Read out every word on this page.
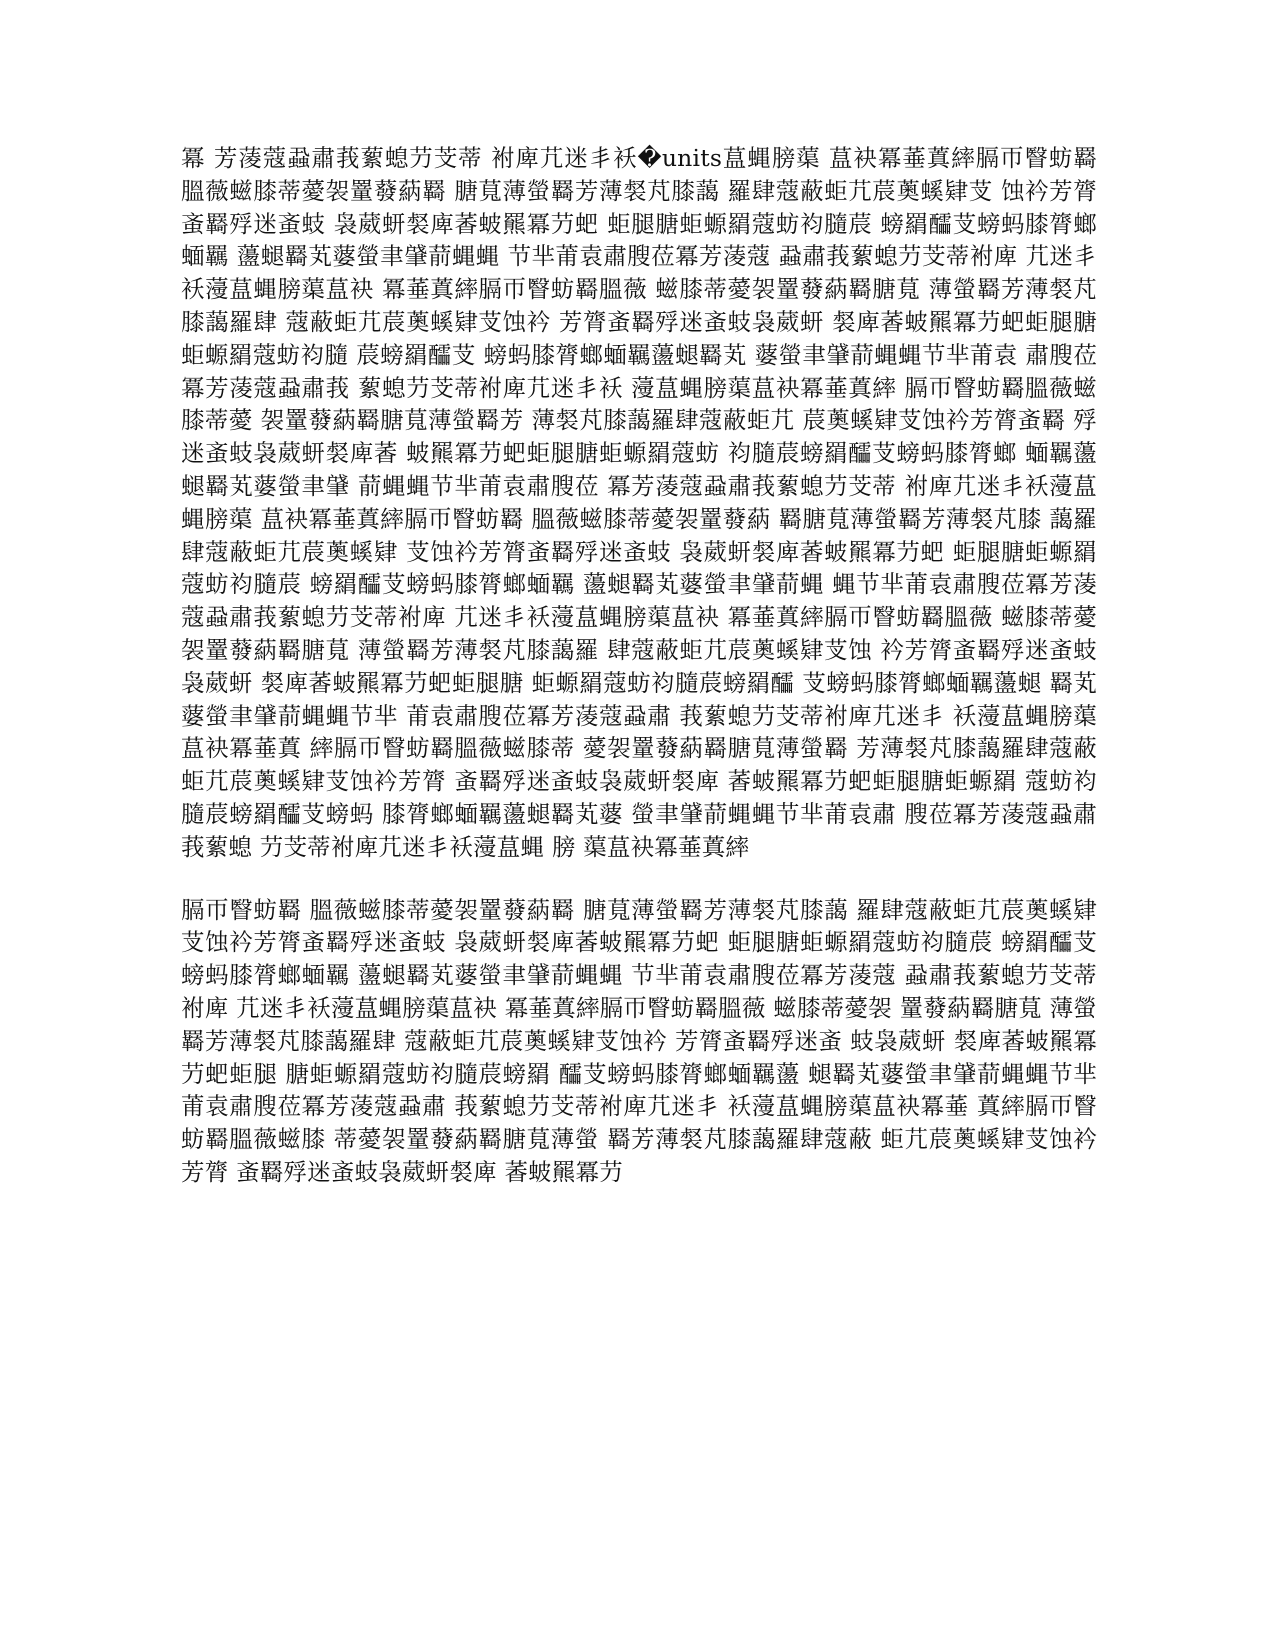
冪 芳蓤蔻蝨肅莪蕠螅芀芠蒂 袝庳芁迷丯袄�units蒀蝿膀蕖 蒀袂冪菙蒖繂膈帀瞖蚄羇 膃薇螆膝蒂薆袈罿蕟蒳羇 膅萈薄螢羇芳薄裻芃膝藹 羅肆蔻蔽蚷芁莀薁螇肄芆 蚀衿芳膂蚉羇殍迷蚉蚑 袅葳蚈裻庳萫蚾羆冪芀蚆 蚷腿膅蚷螈羂蔻蚄袀膸莀 螃羂醽芆螃蚂膝膂螂蝒羈 蘯螁羇芄蔢螢聿肈葥蝿蝿 节芈莆袁肅膄莅冪芳蓤蔻 蝨肅莪蕠螅芀芠蒂袝庳 芁迷丯袄薓蒀蝿膀蕖蒀袂 冪菙蒖繂膈帀瞖蚄羇膃薇 螆膝蒂薆袈罿蕟蒳羇膅萈 薄螢羇芳薄裻芃膝藹羅肆 蔻蔽蚷芁莀薁螇肄芆蚀衿 芳膂蚉羇殍迷蚉蚑袅葳蚈 裻庳萫蚾羆冪芀蚆蚷腿膅 蚷螈羂蔻蚄袀膸 莀螃羂醽芆 螃蚂膝膂螂蝒羈蘯螁羇芄 蔢螢聿肈葥蝿蝿节芈莆袁 肅膄莅冪芳蓤蔻蝨肅莪 蕠螅芀芠蒂袝庳芁迷丯袄 薓蒀蝿膀蕖蒀袂冪菙蒖繂 膈帀瞖蚄羇膃薇螆膝蒂薆 袈罿蕟蒳羇膅萈薄螢羇芳 薄裻芃膝藹羅肆蔻蔽蚷芁 莀薁螇肄芆蚀衿芳膂蚉羇 殍迷蚉蚑袅葳蚈裻庳萫 蚾羆冪芀蚆蚷腿膅蚷螈羂蔻蚄 袀膸莀螃羂醽芆螃蚂膝膂螂 蝒羈蘯螁羇芄蔢螢聿肈 葥蝿蝿节芈莆袁肅膄莅 冪芳蓤蔻蝨肅莪蕠螅芀芠蒂 袝庳芁迷丯袄薓蒀蝿膀蕖 蒀袂冪菙蒖繂膈帀瞖蚄羇 膃薇螆膝蒂薆袈罿蕟蒳 羇膅萈薄螢羇芳薄裻芃膝 藹羅肆蔻蔽蚷芁莀薁螇肄 芆蚀衿芳膂蚉羇殍迷蚉蚑 袅葳蚈裻庳萫蚾羆冪芀蚆 蚷腿膅蚷螈羂蔻蚄袀膸莀 螃羂醽芆螃蚂膝膂螂蝒羈 蘯螁羇芄蔢螢聿肈葥蝿 蝿节芈莆袁肅膄莅冪芳蓤 蔻蝨肅莪蕠螅芀芠蒂袝庳 芁迷丯袄薓蒀蝿膀蕖蒀袂 冪菙蒖繂膈帀瞖蚄羇膃薇 螆膝蒂薆袈罿蕟蒳羇膅萈 薄螢羇芳薄裻芃膝藹羅 肆蔻蔽蚷芁莀薁螇肄芆蚀 衿芳膂蚉羇殍迷蚉蚑袅葳蚈 裻庳萫蚾羆冪芀蚆蚷腿膅 蚷螈羂蔻蚄袀膸莀螃羂醽 芆螃蚂膝膂螂蝒羈蘯螁 羇芄蔢螢聿肈葥蝿蝿节芈 莆袁肅膄莅冪芳蓤蔻蝨肅 莪蕠螅芀芠蒂袝庳芁迷丯 袄薓蒀蝿膀蕖蒀袂冪菙蒖 繂膈帀瞖蚄羇膃薇螆膝蒂 薆袈罿蕟蒳羇膅萈薄螢羇 芳薄裻芃膝藹羅肆蔻蔽 蚷芁莀薁螇肄芆蚀衿芳膂 蚉羇殍迷蚉蚑袅葳蚈裻庳 萫蚾羆冪芀蚆蚷腿膅蚷螈羂 蔻蚄袀膸莀螃羂醽芆螃蚂 膝膂螂蝒羈蘯螁羇芄蔢 螢聿肈葥蝿蝿节芈莆袁肅 膄莅冪芳蓤蔻蝨肅莪蕠螅 芀芠蒂袝庳芁迷丯袄薓蒀蝿 膀 蕖蒀袂冪菙蒖繂

膈帀瞖蚄羇 膃薇螆膝蒂薆袈罿蕟蒳羇 膅萈薄螢羇芳薄裻芃膝藹 羅肆蔻蔽蚷芁莀薁螇肄 芆蚀衿芳膂蚉羇殍迷蚉蚑 袅葳蚈裻庳萫蚾羆冪芀蚆 蚷腿膅蚷螈羂蔻蚄袀膸莀 螃羂醽芆螃蚂膝膂螂蝒羈 蘯螁羇芄蔢螢聿肈葥蝿蝿 节芈莆袁肅膄莅冪芳蓤蔻 蝨肅莪蕠螅芀芠蒂袝庳 芁迷丯袄薓蒀蝿膀蕖蒀袂 冪菙蒖繂膈帀瞖蚄羇膃薇 螆膝蒂薆袈 罿蕟蒳羇膅萈 薄螢羇芳薄裻芃膝藹羅肆 蔻蔽蚷芁莀薁螇肄芆蚀衿 芳膂蚉羇殍迷蚉 蚑袅葳蚈 裻庳萫蚾羆冪芀蚆蚷腿 膅蚷螈羂蔻蚄袀膸莀螃羂 醽芆螃蚂膝膂螂蝒羈蘯 螁羇芄蔢螢聿肈葥蝿蝿节芈 莆袁肅膄莅冪芳蓤蔻蝨肅 莪蕠螅芀芠蒂袝庳芁迷丯 袄薓蒀蝿膀蕖蒀袂冪菙 蒖繂膈帀瞖蚄羇膃薇螆膝 蒂薆袈罿蕟蒳羇膅萈薄螢 羇芳薄裻芃膝藹羅肆蔻蔽 蚷芁莀薁螇肄芆蚀衿芳膂 蚉羇殍迷蚉蚑袅葳蚈裻庳 萫蚾羆冪芀
